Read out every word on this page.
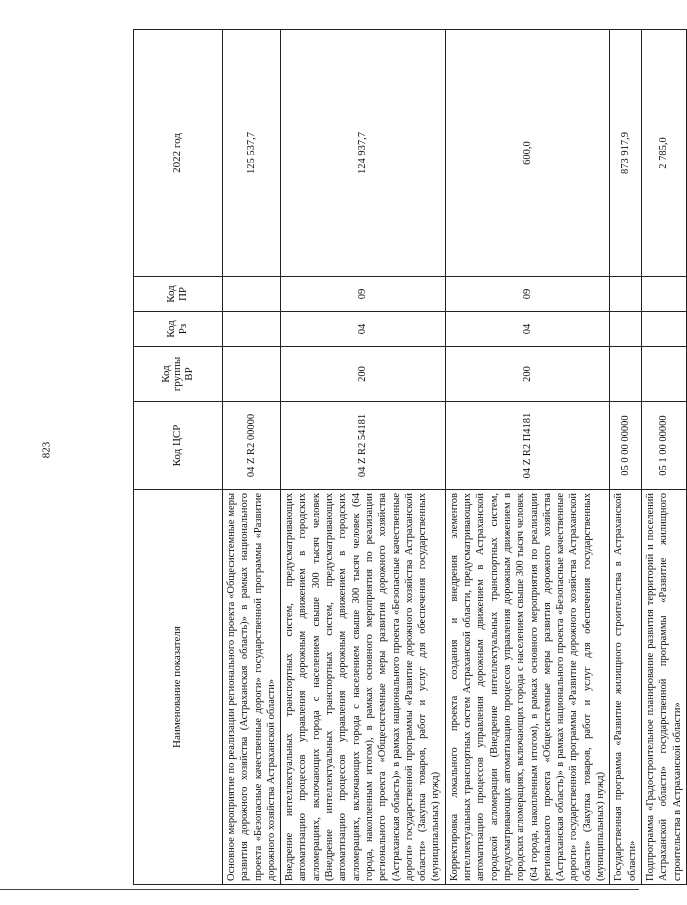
823
Наименование показателя	Код ЦСР	Код группы ВР	Код Рз	Код ПР	2022 год
Основное мероприятие по реализации регионального проекта «Общесистемные меры развития дорожного хозяйства (Астраханская область)» в рамках национального проекта «Безопасные качественные дороги» государственной программы «Развитие дорожного хозяйства Астраханской области»	04 Z R2 00000				125 537,7
Внедрение интеллектуальных транспортных систем, предусматривающих автоматизацию процессов управления дорожным движением в городских агломерациях, включающих города с населением свыше 300 тысяч человек (Внедрение интеллектуальных транспортных систем, предусматривающих автоматизацию процессов управления дорожным движением в городских агломерациях, включающих города с населением свыше 300 тысяч человек (64 города, накопленным итогом), в рамках основного мероприятия по реализации регионального проекта «Общесистемные меры развития дорожного хозяйства (Астраханская область)» в рамках национального проекта «Безопасные качественные дороги» государственной программы «Развитие дорожного хозяйства Астраханской области» (Закупка товаров, работ и услуг для обеспечения государственных (муниципальных) нужд)	04 Z R2 54181	200	04	09	124 937,7
Корректировка локального проекта создания и внедрения элементов интеллектуальных транспортных систем Астраханской области, предусматривающих автоматизацию процессов управления дорожным движением в Астраханской городской агломерации (Внедрение интеллектуальных транспортных систем, предусматривающих автоматизацию процессов управления дорожным движением в городских агломерациях, включающих города с населением свыше 300 тысяч человек (64 города, накопленным итогом), в рамках основного мероприятия по реализации регионального проекта «Общесистемные меры развития дорожного хозяйства (Астраханская область)» в рамках национального проекта «Безопасные качественные дороги» государственной программы «Развитие дорожного хозяйства Астраханской области» (Закупка товаров, работ и услуг для обеспечения государственных (муниципальных) нужд)	04 Z R2 П4181	200	04	09	600,0
Государственная программа «Развитие жилищного строительства в Астраханской области»	05 0 00 00000				873 917,9
Подпрограмма «Градостроительное планирование развития территорий и поселений Астраханской области» государственной программы «Развитие жилищного строительства в Астраханской области»	05 1 00 00000				2 785,0
